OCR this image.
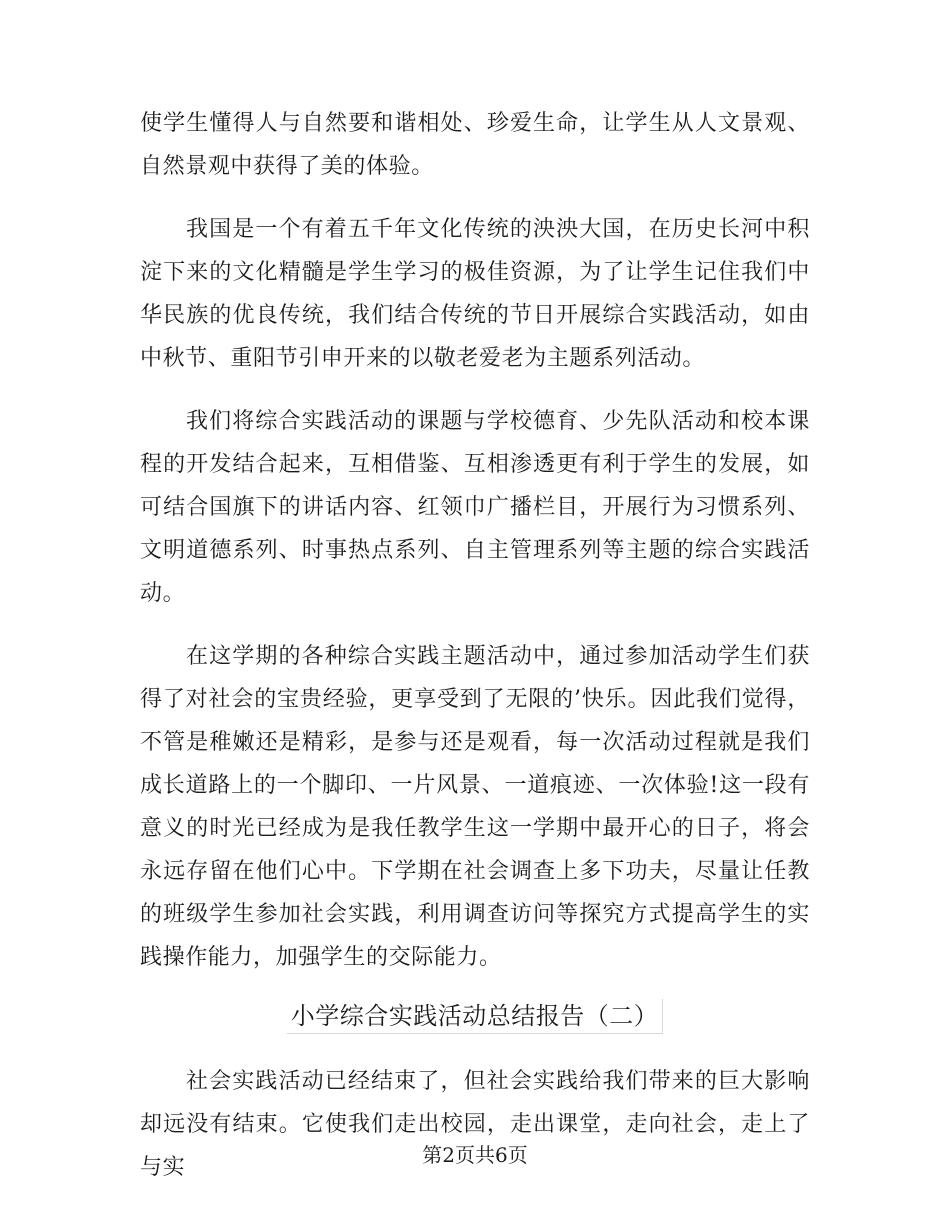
使学生懂得人与自然要和谐相处、珍爱生命，让学生从人文景观、自然景观中获得了美的体验。

我国是一个有着五千年文化传统的泱泱大国，在历史长河中积淀下来的文化精髓是学生学习的极佳资源，为了让学生记住我们中华民族的优良传统，我们结合传统的节日开展综合实践活动，如由中秋节、重阳节引申开来的以敬老爱老为主题系列活动。

我们将综合实践活动的课题与学校德育、少先队活动和校本课程的开发结合起来，互相借鉴、互相渗透更有利于学生的发展，如可结合国旗下的讲话内容、红领巾广播栏目，开展行为习惯系列、文明道德系列、时事热点系列、自主管理系列等主题的综合实践活动。

在这学期的各种综合实践主题活动中，通过参加活动学生们获得了对社会的宝贵经验，更享受到了无限的’快乐。因此我们觉得，不管是稚嫩还是精彩，是参与还是观看，每一次活动过程就是我们成长道路上的一个脚印、一片风景、一道痕迹、一次体验!这一段有意义的时光已经成为是我任教学生这一学期中最开心的日子，将会永远存留在他们心中。下学期在社会调查上多下功夫，尽量让任教的班级学生参加社会实践，利用调查访问等探究方式提高学生的实践操作能力，加强学生的交际能力。

小学综合实践活动总结报告（二）

社会实践活动已经结束了，但社会实践给我们带来的巨大影响却远没有结束。它使我们走出校园，走出课堂，走向社会，走上了与实	第2页共6页
